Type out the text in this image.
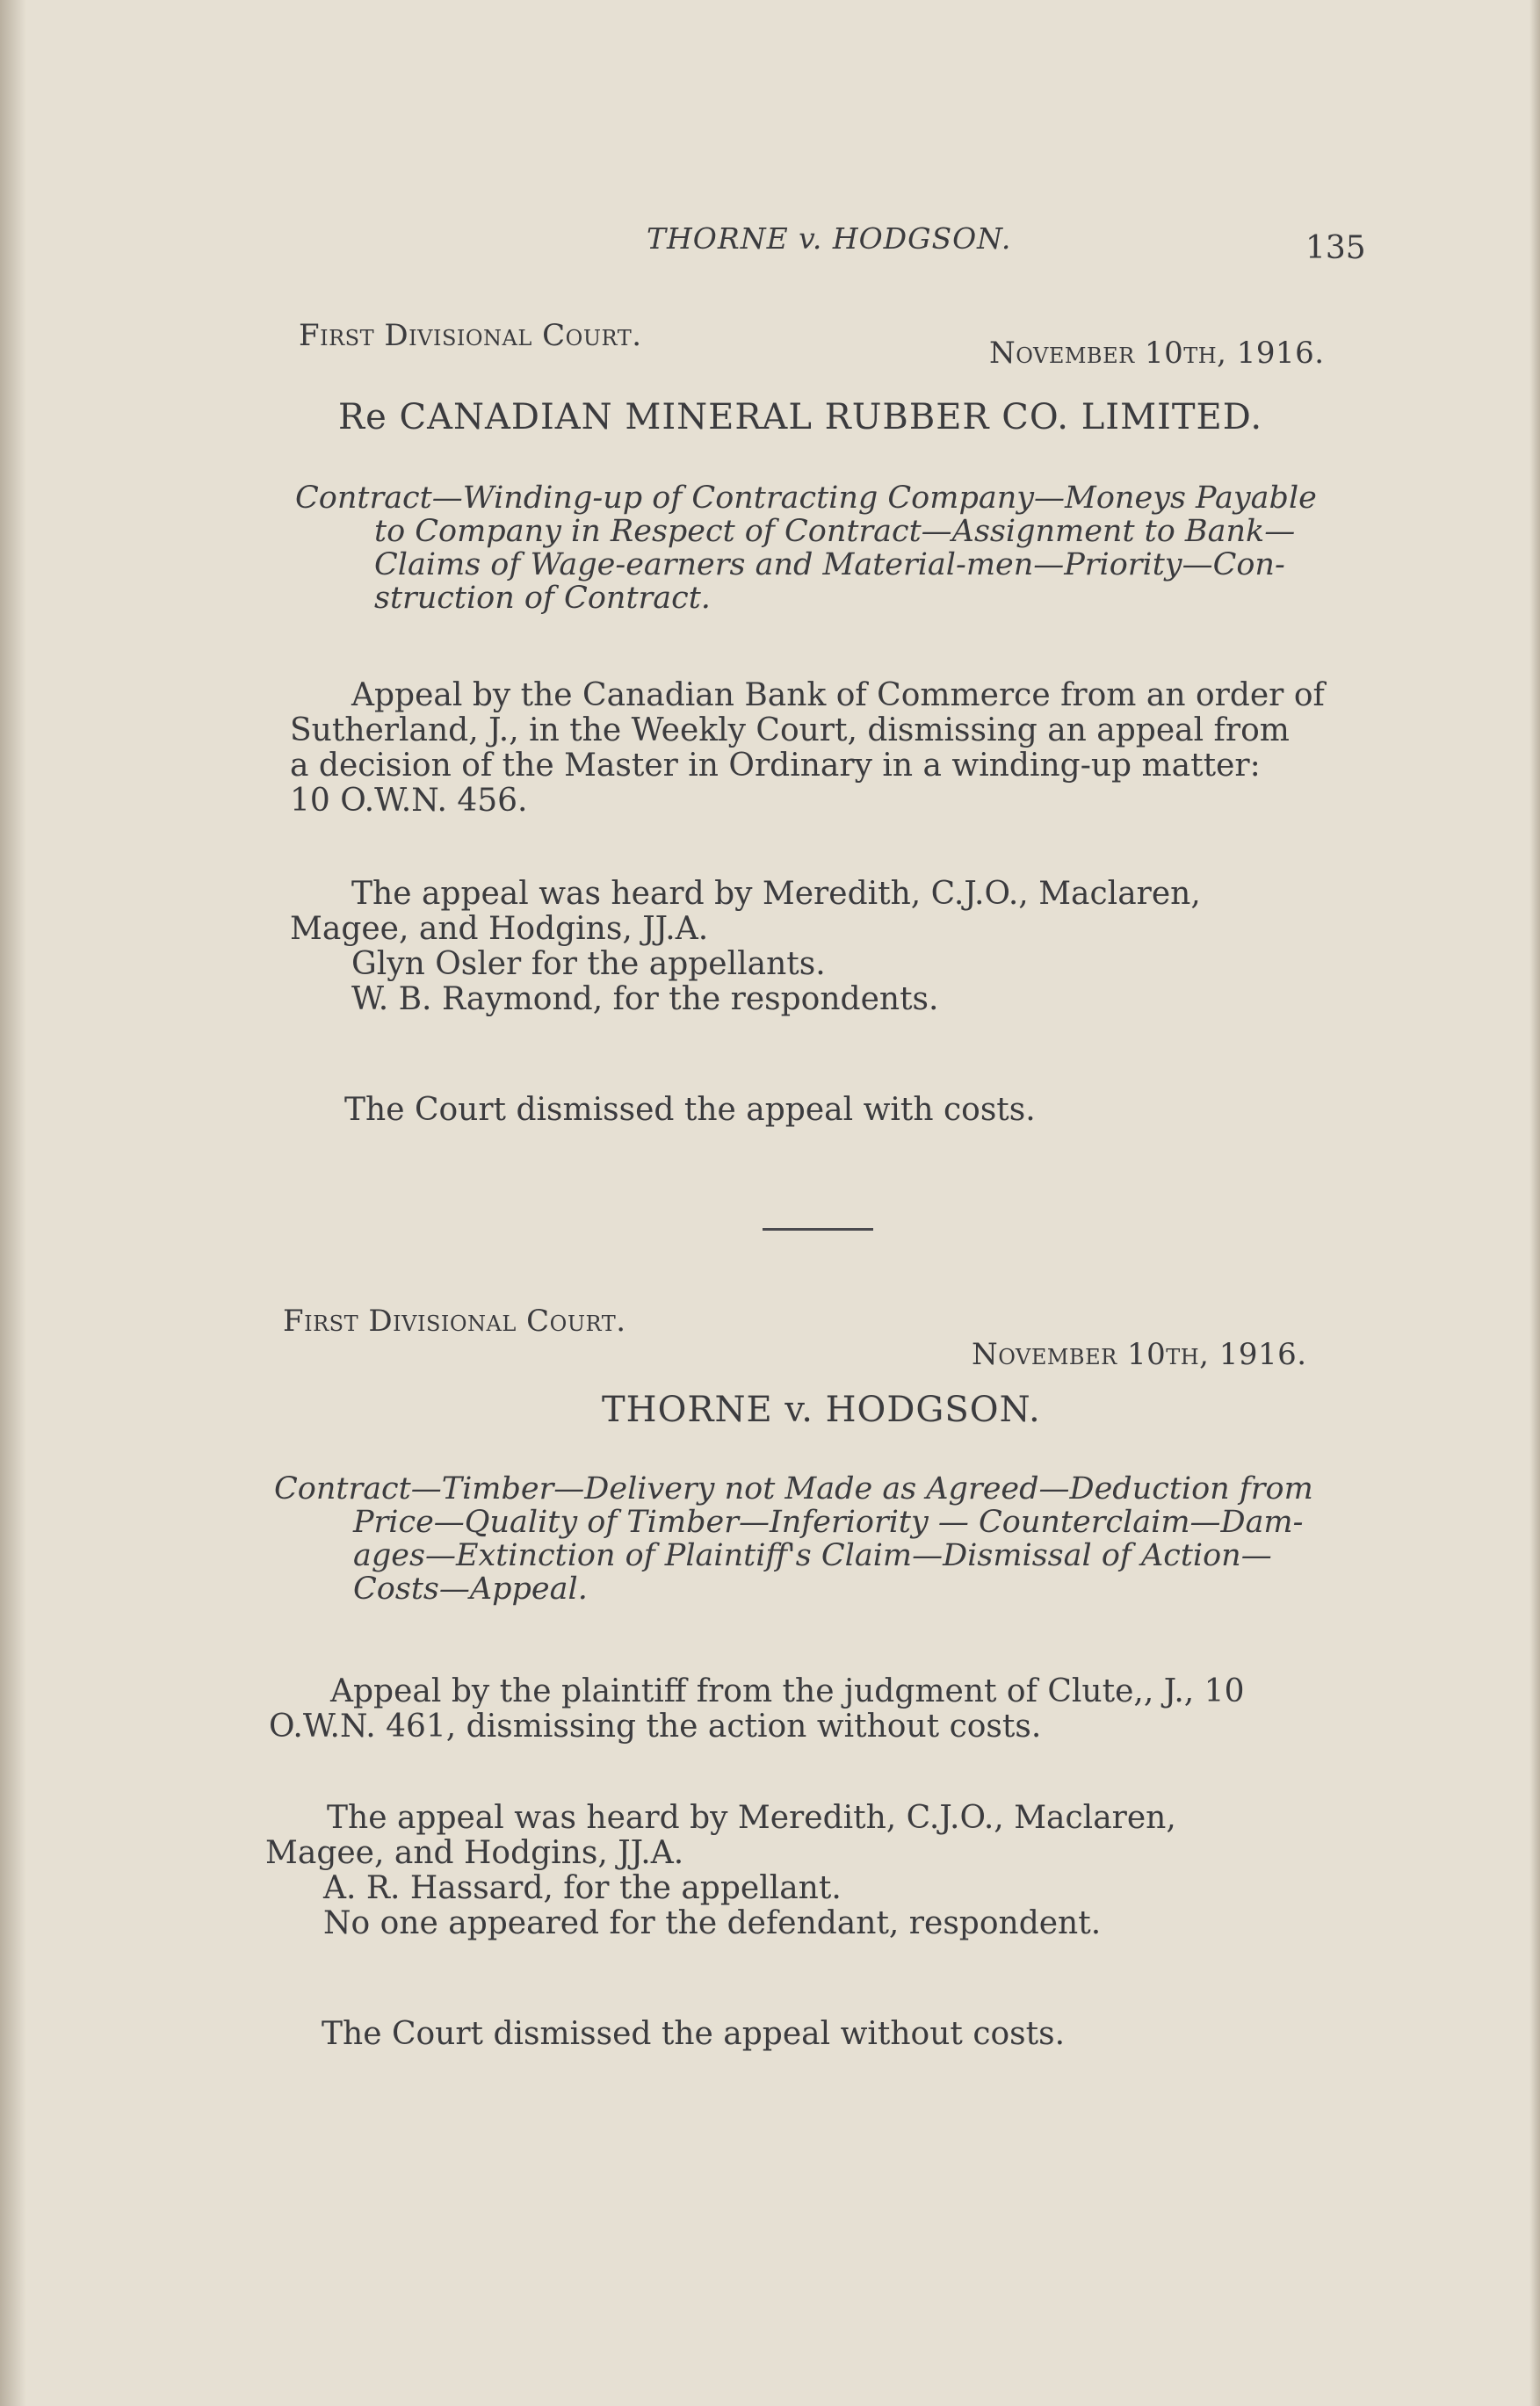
THORNE v. HODGSON.	135
First Divisional Court.	November 10th, 1916.
Re CANADIAN MINERAL RUBBER CO. LIMITED.
Contract—Winding-up of Contracting Company—Moneys Payable
to Company in Respect of Contract—Assignment to Bank—
Claims of Wage-earners and Material-men—Priority—Con-
struction of Contract.
Appeal by the Canadian Bank of Commerce from an order of
Sutherland, J., in the Weekly Court, dismissing an appeal from
a decision of the Master in Ordinary in a winding-up matter:
10 O.W.N. 456.
The appeal was heard by Meredith, C.J.O., Maclaren,
Magee, and Hodgins, JJ.A.
Glyn Osler for the appellants.
W. B. Raymond, for the respondents.
The Court dismissed the appeal with costs.
First Divisional Court.
November 10th, 1916.
THORNE v. HODGSON.
Contract—Timber—Delivery not Made as Agreed—Deduction from
Price—Quality of Timber—Inferiority — Counterclaim—Dam-
ages—Extinction of Plaintiff's Claim—Dismissal of Action—
Costs—Appeal.
Appeal by the plaintiff from the judgment of Clute,, J., 10
O.W.N. 461, dismissing the action without costs.
The appeal was heard by Meredith, C.J.O., Maclaren,
Magee, and Hodgins, JJ.A.
A. R. Hassard, for the appellant.
No one appeared for the defendant, respondent.
The Court dismissed the appeal without costs.
